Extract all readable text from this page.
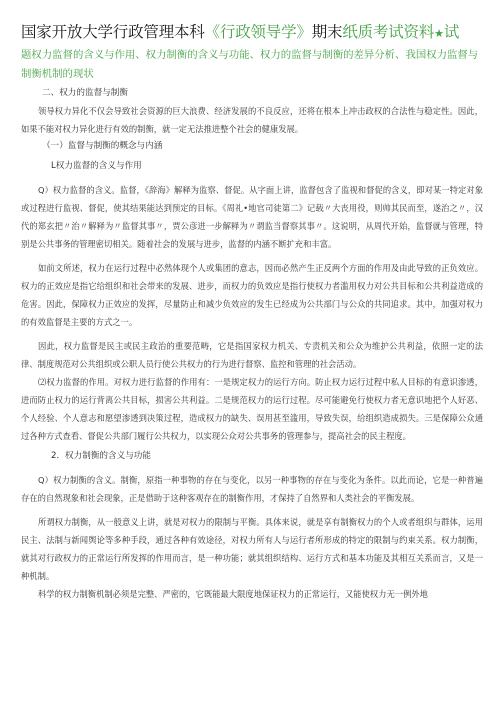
国家开放大学行政管理本科《行政领导学》期末纸质考试资料★试
题权力监督的含义与作用、权力制衡的含义与功能、权力的监督与制衡的差异分析、我国权力监督与制衡机制的现状
二、权力的监督与制衡

领导权力异化不仅会导致社会资源的巨大浪费、经济发展的不良反应，还将在根本上冲击政权的合法性与稳定性。因此，如果不能对权力异化进行有效的制衡，就一定无法推进整个社会的健康发展。

（一）监督与制衡的概念与内涵
L权力监督的含义与作用

Q）权力监督的含义。监督，《辞海》解释为监察、督促。从字面上讲，监督包含了监视和督促的含义，即对某一特定对象或过程进行监视、督促，使其结果能达到预定的目标。《周礼•地官司徒第二》记载〃大丧用役，则帅其民而至，遂治之〃，汉代的郑玄把〃治〃解释为〃监督其事〃，贾公彦进一步解释为〃谓监当督察其事〃。这说明，从周代开始，监督就与管理，特别是公共事务的管理密切相关。随着社会的发展与进步，监督的内涵不断扩充和丰富。

如前文所述，权力在运行过程中必然体现个人或集团的意志，因而必然产生正反两个方面的作用及由此导致的正负效应。权力的正效应是指它给组织和社会带来的发展、进步，而权力的负效应是指行使权力者滥用权力对公共目标和公共利益造成的危害。因此，保障权力正效应的发挥，尽量防止和减少负效应的发生已经成为公共部门与公众的共同追求。其中，加强对权力的有效监督是主要的方式之一。

因此，权力监督是民主或民主政治的重要范畴，它是指国家权力机关、专责机关和公众为维护公共利益，依照一定的法律、制度规范对公共组织或公职人员行使公共权力的行为进行督察、监控和管理的社会活动。

⑵权力监督的作用。对权力进行监督的作用有：一是规定权力的运行方向。防止权力运行过程中私人目标的有意识渗透，进而防止权力的运行背离公共目标，损害公共利益。二是规范权力的运行过程。尽可能避免行使权力者无意识地把个人好恶、个人经验、个人意志和愿望渗透到决策过程，造成权力的缺失、误用甚至滥用，导致失误，给组织造成损失。三是保障公众通过各种方式查看、督促公共部门履行公共权力，以实现公众对公共事务的管理参与，提高社会的民主程度。

2．权力制衡的含义与功能

Q）权力制衡的含义。制衡，原指一种事物的存在与变化，以另一种事物的存在与变化为条件。以此而论，它是一种普遍存在的自然现象和社会现象，正是借助于这种客观存在的制衡作用，才保持了自然界和人类社会的平衡发展。

所谓权力制衡，从一般意义上讲，就是对权力的限制与平衡。具体来说，就是享有制衡权力的个人或者组织与群体，运用民主、法制与新闻舆论等多种手段，通过各种有效途径，对权力所有人与运行者所形成的特定的限制与约束关系。权力制衡，就其对行政权力的正常运行所发挥的作用而言，是一种功能；就其组织结构、运行方式和基本功能及其相互关系而言，又是一种机制。

科学的权力制衡机制必须是完整、严密的，它既能最大限度地保证权力的正常运行，又能使权力无一例外地
